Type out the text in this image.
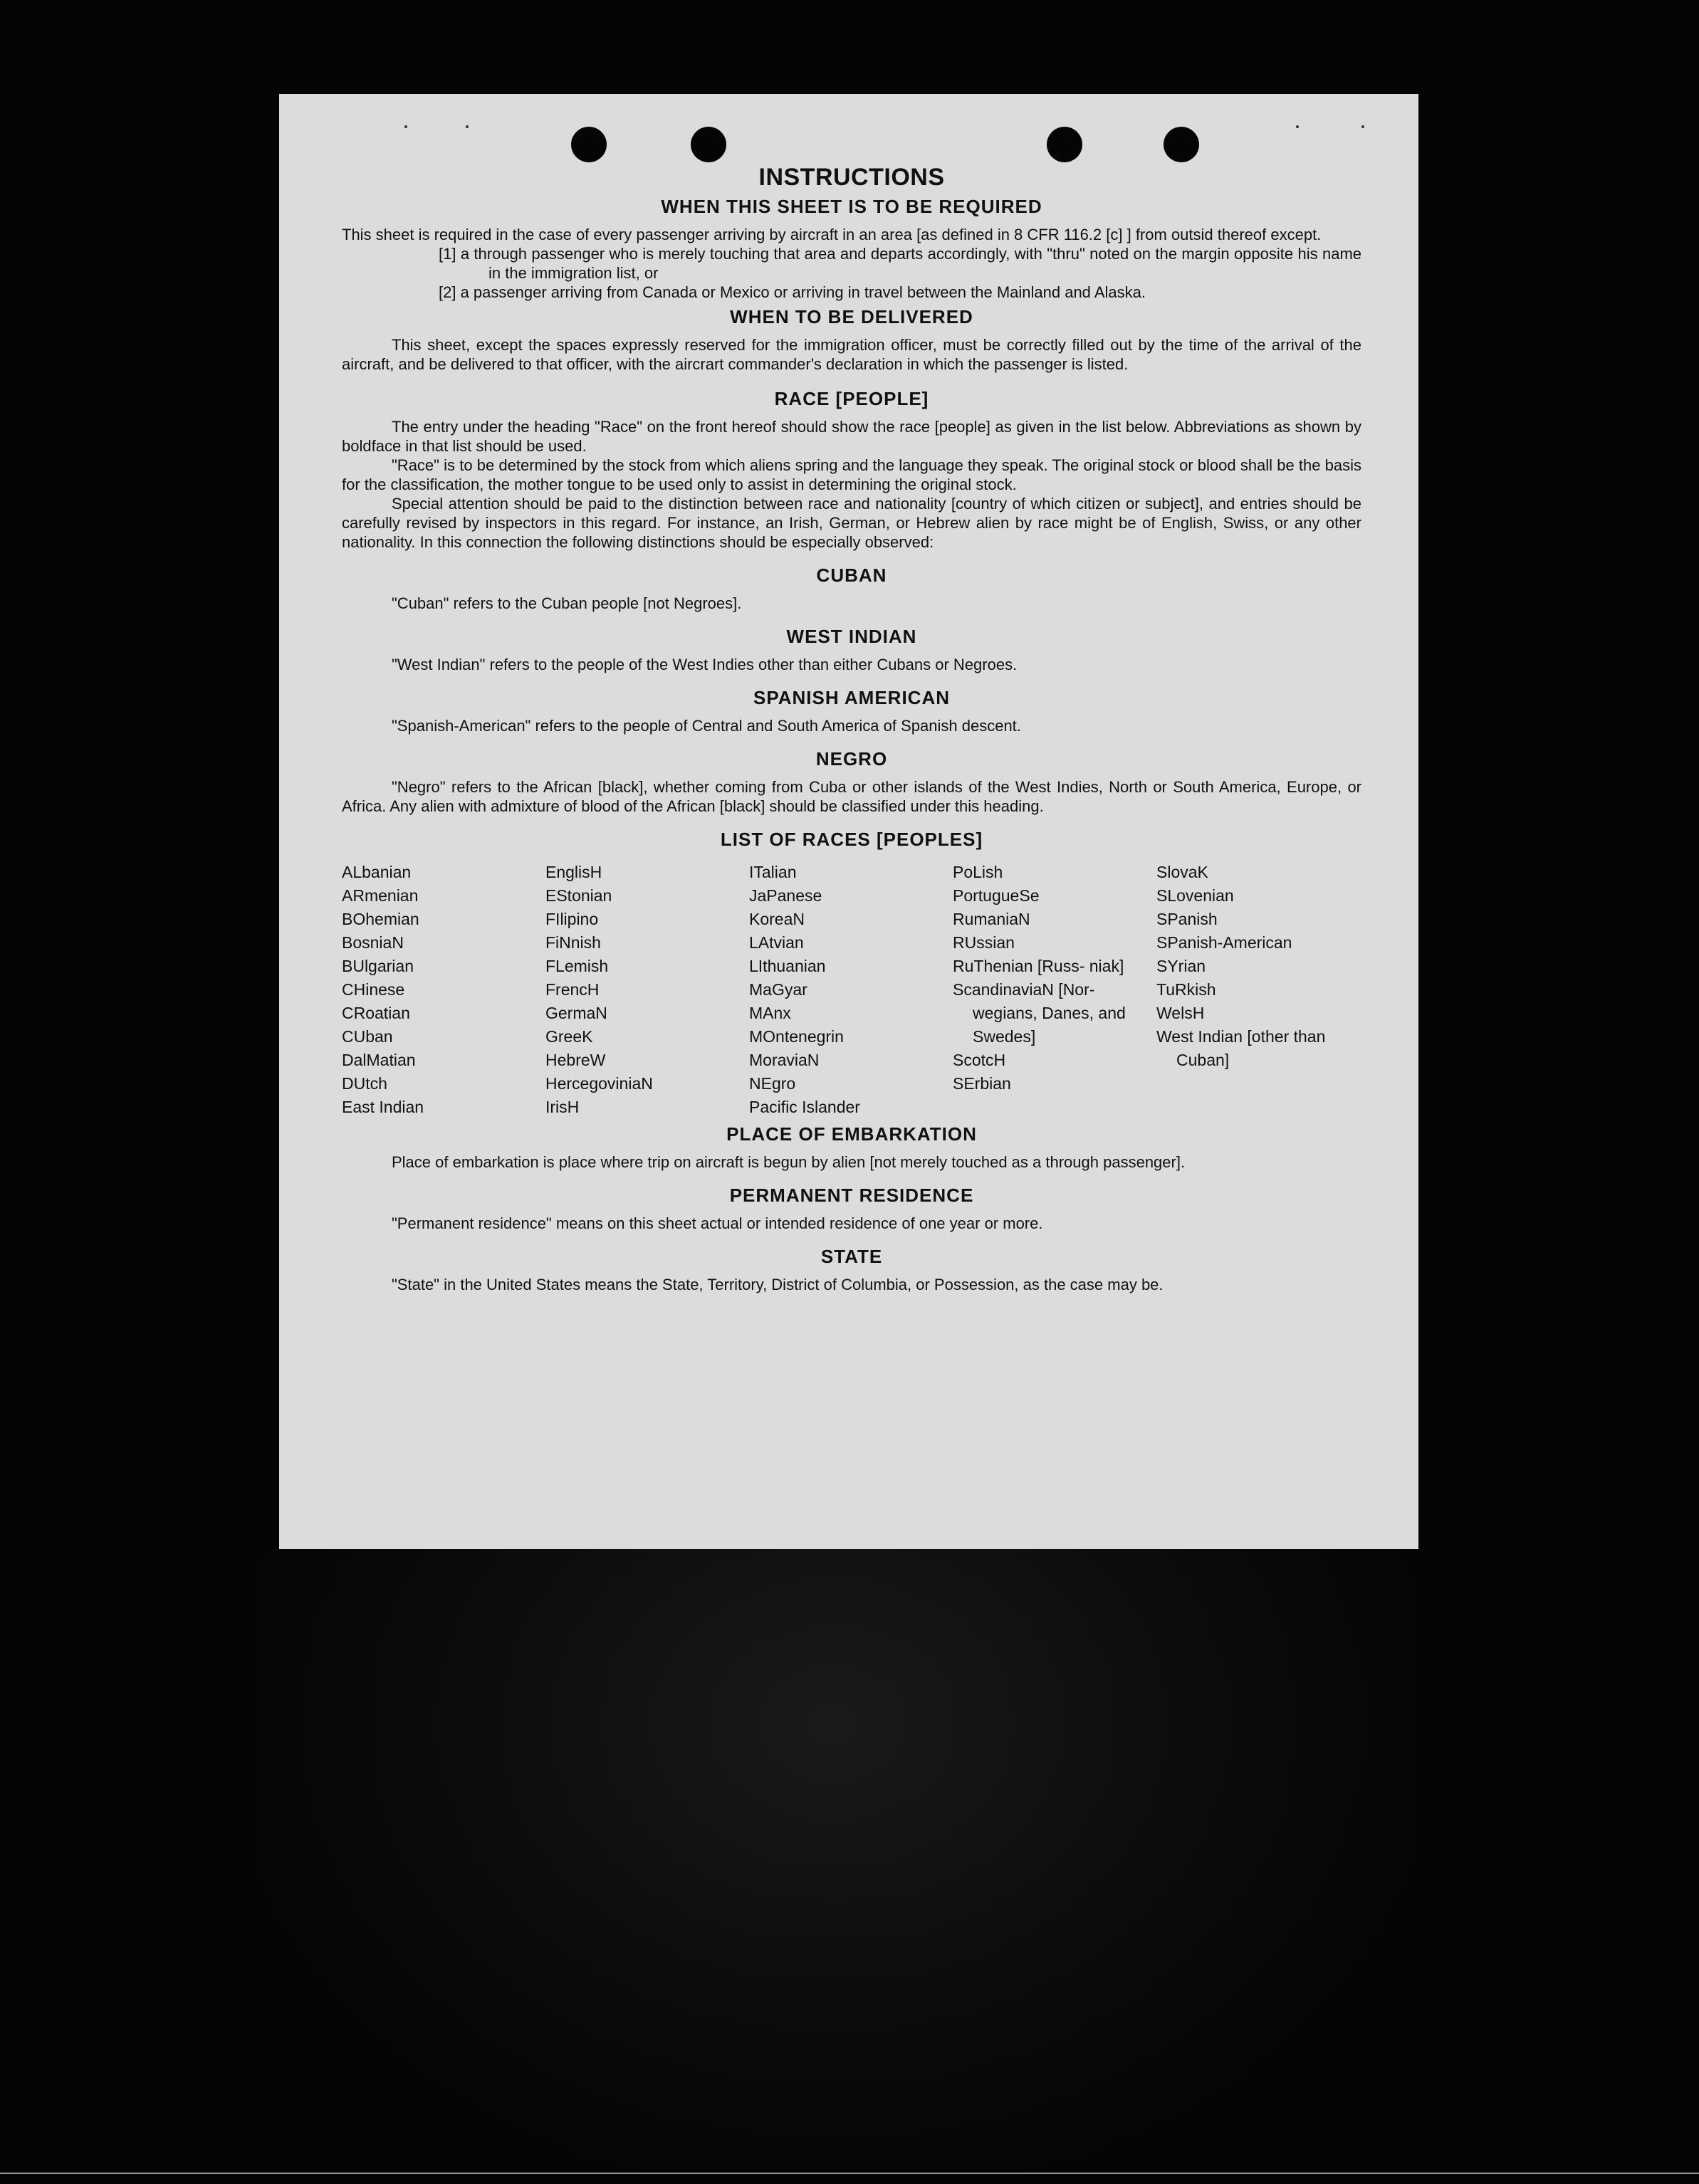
INSTRUCTIONS
WHEN THIS SHEET IS TO BE REQUIRED

This sheet is required in the case of every passenger arriving by aircraft in an area [as defined in 8 CFR 116.2 [c] ] from outsid thereof except.

[1] a through passenger who is merely touching that area and departs accordingly, with "thru" noted on the margin opposite his name in the immigration list, or

[2] a passenger arriving from Canada or Mexico or arriving in travel between the Mainland and Alaska.

WHEN TO BE DELIVERED

This sheet, except the spaces expressly reserved for the immigration officer, must be correctly filled out by the time of the arrival of the aircraft, and be delivered to that officer, with the aircrart commander's declaration in which the passenger is listed.

RACE [PEOPLE]

The entry under the heading "Race" on the front hereof should show the race [people] as given in the list below. Abbreviations as shown by boldface in that list should be used.

"Race" is to be determined by the stock from which aliens spring and the language they speak. The original stock or blood shall be the basis for the classification, the mother tongue to be used only to assist in determining the original stock.

Special attention should be paid to the distinction between race and nationality [country of which citizen or subject], and entries should be carefully revised by inspectors in this regard. For instance, an Irish, German, or Hebrew alien by race might be of English, Swiss, or any other nationality. In this connection the following distinctions should be especially observed:

CUBAN

"Cuban" refers to the Cuban people [not Negroes].

WEST INDIAN

"West Indian" refers to the people of the West Indies other than either Cubans or Negroes.

SPANISH AMERICAN

"Spanish-American" refers to the people of Central and South America of Spanish descent.

NEGRO

"Negro" refers to the African [black], whether coming from Cuba or other islands of the West Indies, North or South America, Europe, or Africa. Any alien with admixture of blood of the African [black] should be classified under this heading.

LIST OF RACES [PEOPLES]
ALbanian
ARmenian
BOhemian
BosniaN
BUlgarian
CHinese
CRoatian
CUban
DalMatian
DUtch
East Indian
EnglisH
EStonian
FIlipino
FiNnish
FLemish
FrencH
GermaN
GreeK
HebreW
HercegoviniaN
IrisH
ITalian
JaPanese
KoreaN
LAtvian
LIthuanian
MaGyar
MAnx
MOntenegrin
MoraviaN
NEgro
Pacific Islander
PoLish
PortugueSe
RumaniaN
RUssian
RuThenian [Russ- niak]
ScandinaviaN [Nor- wegians, Danes, and Swedes]
ScotcH
SErbian
SlovaK
SLovenian
SPanish
SPanish-American
SYrian
TuRkish
WelsH
West Indian [other than Cuban]
PLACE OF EMBARKATION

Place of embarkation is place where trip on aircraft is begun by alien [not merely touched as a through passenger].

PERMANENT RESIDENCE

"Permanent residence" means on this sheet actual or intended residence of one year or more.

STATE

"State" in the United States means the State, Territory, District of Columbia, or Possession, as the case may be.
